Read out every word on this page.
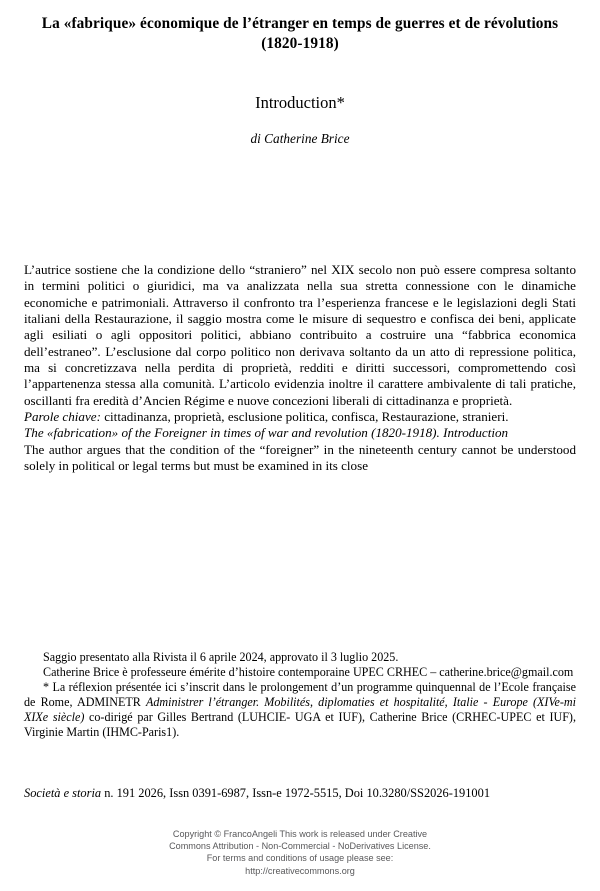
La «fabrique» économique de l’étranger en temps de guerres et de révolutions (1820-1918)
Introduction*
di Catherine Brice

L’autrice sostiene che la condizione dello “straniero” nel XIX secolo non può essere compresa soltanto in termini politici o giuridici, ma va analizzata nella sua stretta connessione con le dinamiche economiche e patrimoniali. Attraverso il confronto tra l’esperienza francese e le legislazioni degli Stati italiani della Restaurazione, il saggio mostra come le misure di sequestro e confisca dei beni, applicate agli esiliati o agli oppositori politici, abbiano contribuito a costruire una “fabbrica economica dell’estraneo”. L’esclusione dal corpo politico non derivava soltanto da un atto di repressione politica, ma si concretizzava nella perdita di proprietà, redditi e diritti successori, compromettendo così l’appartenenza stessa alla comunità. L’articolo evidenzia inoltre il carattere ambivalente di tali pratiche, oscillanti fra eredità d’Ancien Régime e nuove concezioni liberali di cittadinanza e proprietà.

Parole chiave: cittadinanza, proprietà, esclusione politica, confisca, Restaurazione, stranieri.

The «fabrication» of the Foreigner in times of war and revolution (1820-1918). Introduction

The author argues that the condition of the “foreigner” in the nineteenth century cannot be understood solely in political or legal terms but must be examined in its close

Saggio presentato alla Rivista il 6 aprile 2024, approvato il 3 luglio 2025.

Catherine Brice è professeure émérite d’histoire contemporaine UPEC CRHEC – catherine.brice@gmail.com

* La réflexion présentée ici s’inscrit dans le prolongement d’un programme quinquennal de l’Ecole française de Rome, ADMINETR Administrer l’étranger. Mobilités, diplomaties et hospitalité, Italie - Europe (XIVe-mi XIXe siècle) co-dirigé par Gilles Bertrand (LUHCIE- UGA et IUF), Catherine Brice (CRHEC-UPEC et IUF), Virginie Martin (IHMC-Paris1).

Società e storia n. 191 2026, Issn 0391-6987, Issn-e 1972-5515, Doi 10.3280/SS2026-191001
Copyright © FrancoAngeli This work is released under Creative
Commons Attribution - Non-Commercial - NoDerivatives License.
For terms and conditions of usage please see:
http://creativecommons.org
